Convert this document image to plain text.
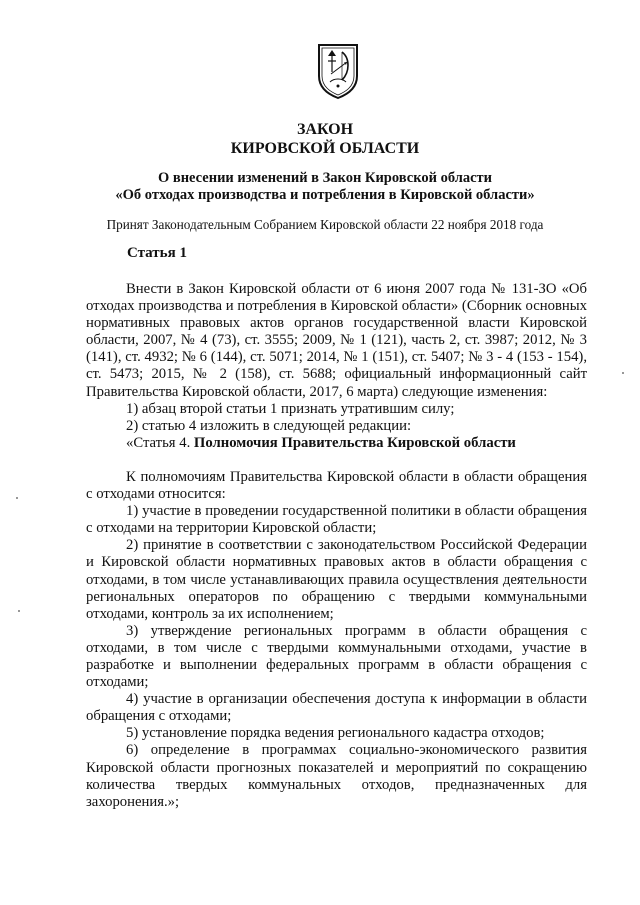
ЗАКОН
КИРОВСКОЙ ОБЛАСТИ
О внесении изменений в Закон Кировской области
«Об отходах производства и потребления в Кировской области»
Принят Законодательным Собранием Кировской области 22 ноября 2018 года
Статья 1

Внести в Закон Кировской области от 6 июня 2007 года № 131-ЗО «Об отходах производства и потребления в Кировской области» (Сборник основных нормативных правовых актов органов государственной власти Кировской области, 2007, № 4 (73), ст. 3555; 2009, № 1 (121), часть 2, ст. 3987; 2012, № 3 (141), ст. 4932; № 6 (144), ст. 5071; 2014, № 1 (151), ст. 5407; № 3 - 4 (153 - 154), ст. 5473; 2015, № 2 (158), ст. 5688; официальный информационный сайт Правительства Кировской области, 2017, 6 марта) следующие изменения:

1) абзац второй статьи 1 признать утратившим силу;

2) статью 4 изложить в следующей редакции:

«Статья 4. Полномочия Правительства Кировской области

К полномочиям Правительства Кировской области в области обращения с отходами относится:

1) участие в проведении государственной политики в области обращения с отходами на территории Кировской области;

2) принятие в соответствии с законодательством Российской Федерации и Кировской области нормативных правовых актов в области обращения с отходами, в том числе устанавливающих правила осуществления деятельности региональных операторов по обращению с твердыми коммунальными отходами, контроль за их исполнением;

3) утверждение региональных программ в области обращения с отходами, в том числе с твердыми коммунальными отходами, участие в разработке и выполнении федеральных программ в области обращения с отходами;

4) участие в организации обеспечения доступа к информации в области обращения с отходами;

5) установление порядка ведения регионального кадастра отходов;

6) определение в программах социально-экономического развития Кировской области прогнозных показателей и мероприятий по сокращению количества твердых коммунальных отходов, предназначенных для захоронения.»;
